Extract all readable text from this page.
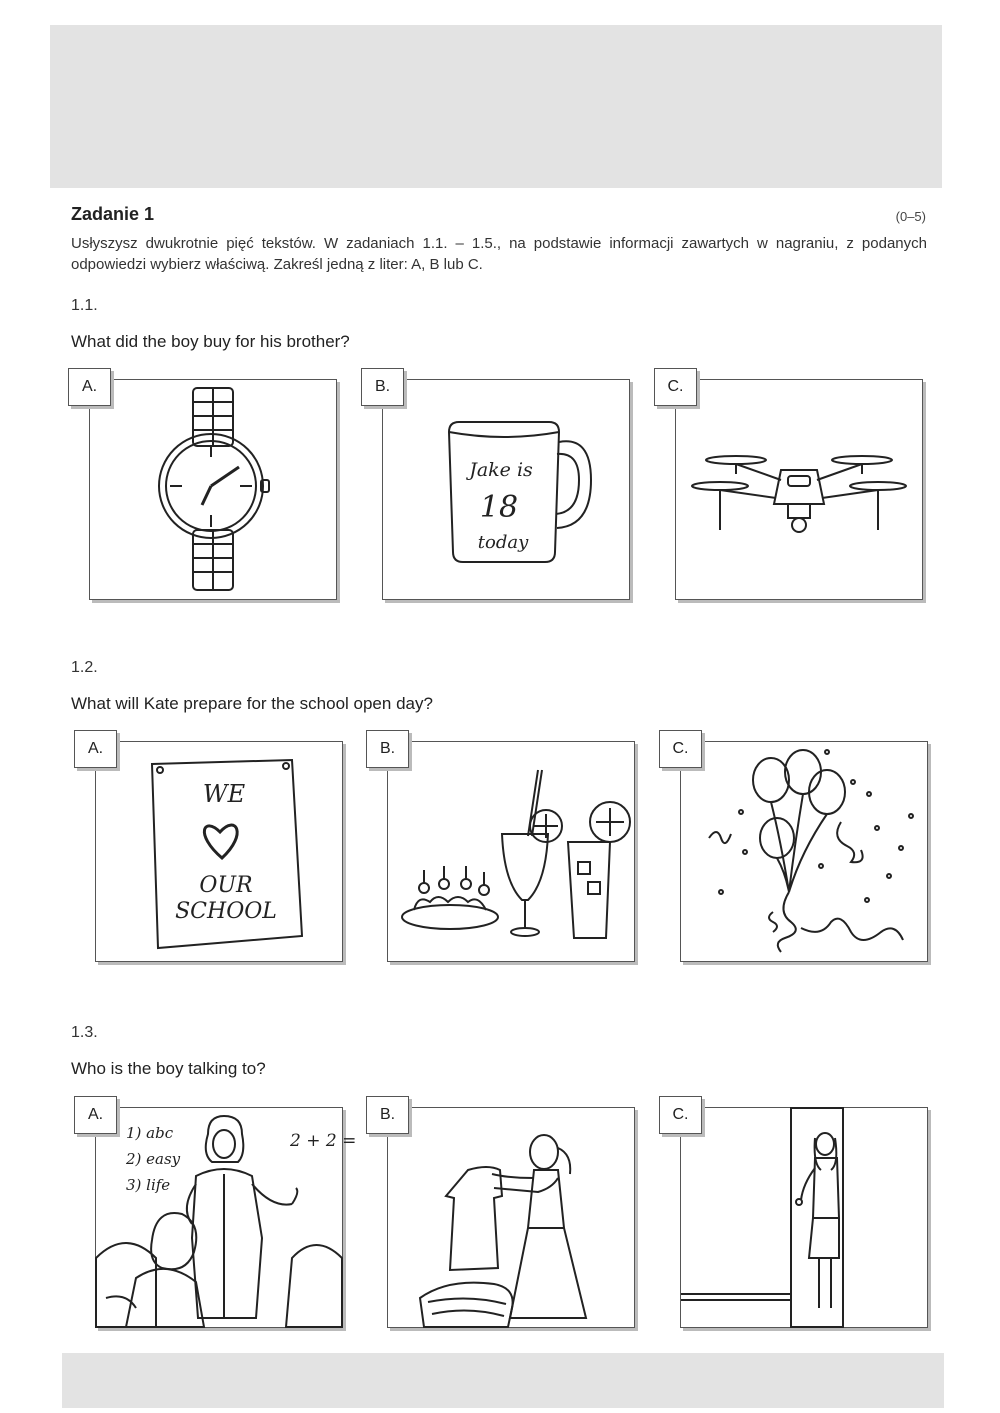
Zadanie 1	(0–5)
Usłyszysz dwukrotnie pięć tekstów. W zadaniach 1.1. – 1.5., na podstawie informacji zawartych w nagraniu, z podanych odpowiedzi wybierz właściwą. Zakreśl jedną z liter: A, B lub C.
1.1.
What did the boy buy for his brother?
A.
Jake is
18
today
B.	C.
1.2.
What will Kate prepare for the school open day?
WE
OUR
SCHOOL
A.	B.	C.
1.3.
Who is the boy talking to?
1) abc
2) easy
3) life
2 + 2 =
A.	B.	C.
